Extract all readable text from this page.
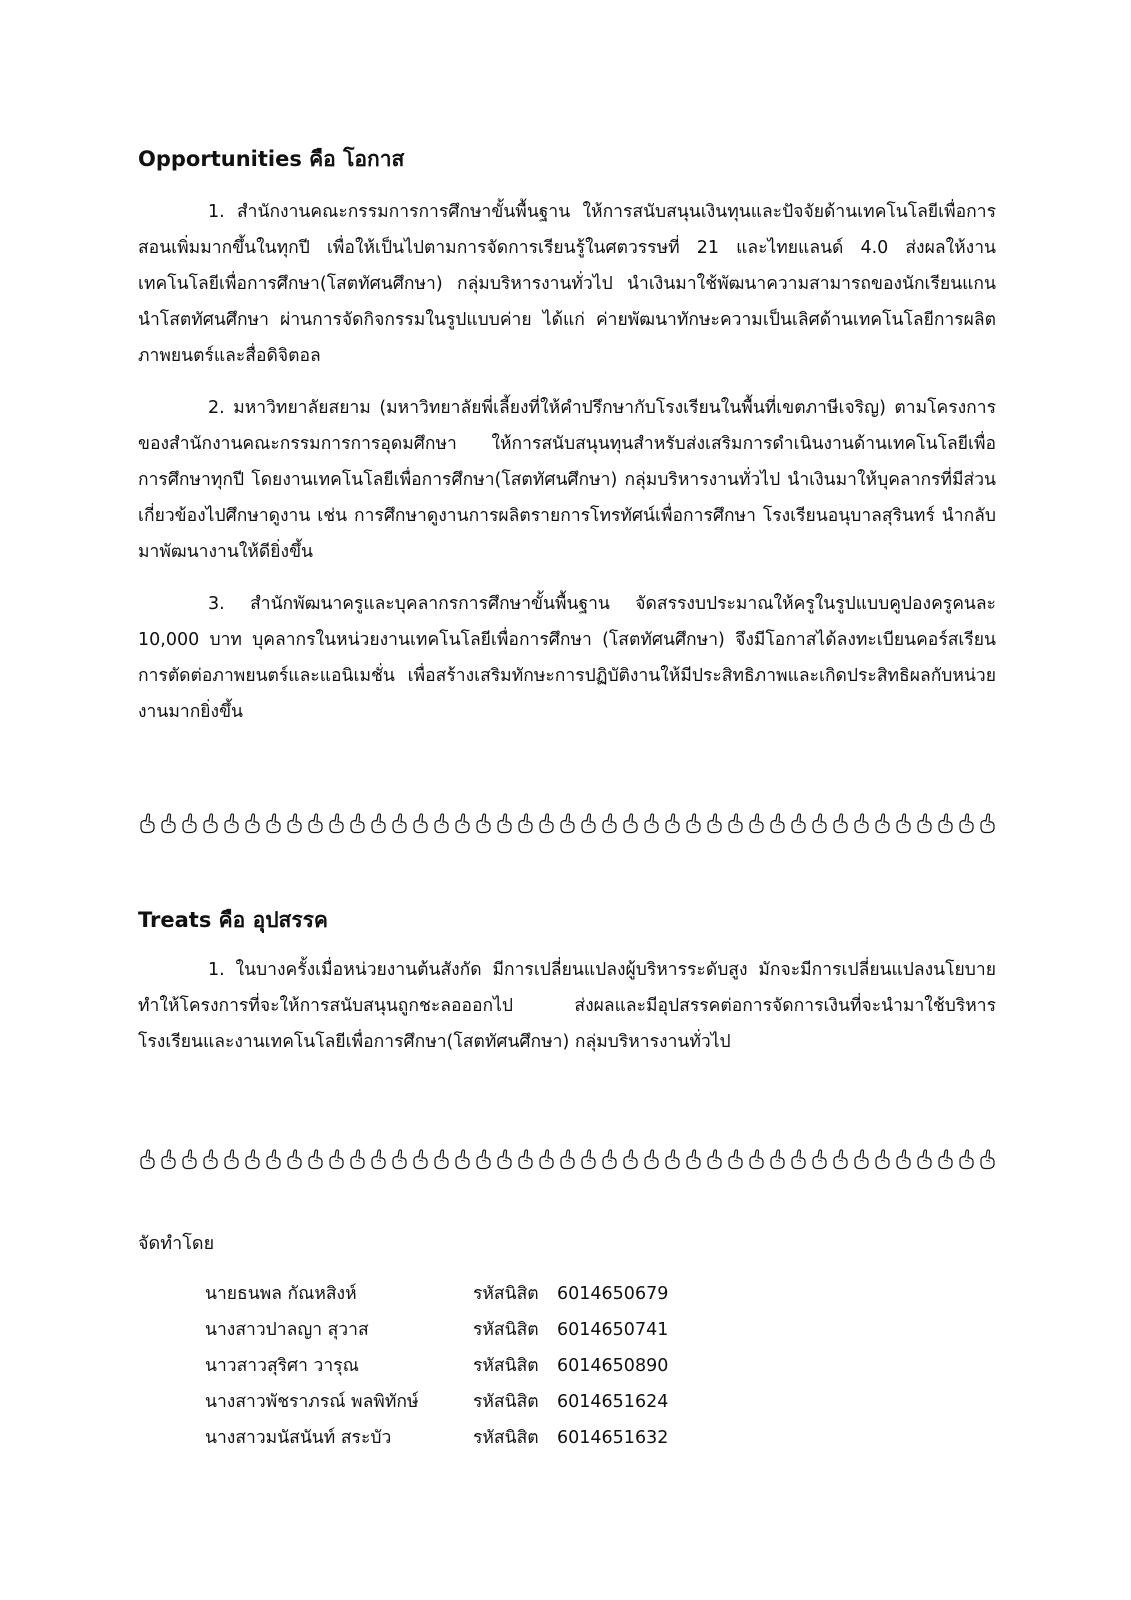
Opportunities คือ โอกาส

1. สำนักงานคณะกรรมการการศึกษาขั้นพื้นฐาน ให้การสนับสนุนเงินทุนและปัจจัยด้านเทคโนโลยีเพื่อการสอนเพิ่มมากขึ้นในทุกปี เพื่อให้เป็นไปตามการจัดการเรียนรู้ในศตวรรษที่ 21 และไทยแลนด์ 4.0 ส่งผลให้งานเทคโนโลยีเพื่อการศึกษา(โสตทัศนศึกษา) กลุ่มบริหารงานทั่วไป นำเงินมาใช้พัฒนาความสามารถของนักเรียนแกนนำโสตทัศนศึกษา ผ่านการจัดกิจกรรมในรูปแบบค่าย ได้แก่ ค่ายพัฒนาทักษะความเป็นเลิศด้านเทคโนโลยีการผลิตภาพยนตร์และสื่อดิจิตอล

2. มหาวิทยาลัยสยาม (มหาวิทยาลัยพี่เลี้ยงที่ให้คำปรึกษากับโรงเรียนในพื้นที่เขตภาษีเจริญ) ตามโครงการของสำนักงานคณะกรรมการการอุดมศึกษา ให้การสนับสนุนทุนสำหรับส่งเสริมการดำเนินงานด้านเทคโนโลยีเพื่อ การศึกษาทุกปี โดยงานเทคโนโลยีเพื่อการศึกษา(โสตทัศนศึกษา) กลุ่มบริหารงานทั่วไป นำเงินมาให้บุคลากรที่มีส่วนเกี่ยวข้องไปศึกษาดูงาน เช่น การศึกษาดูงานการผลิตรายการโทรทัศน์เพื่อการศึกษา โรงเรียนอนุบาลสุรินทร์ นำกลับมาพัฒนางานให้ดียิ่งขึ้น

3. สำนักพัฒนาครูและบุคลากรการศึกษาขั้นพื้นฐาน จัดสรรงบประมาณให้ครูในรูปแบบคูปองครูคนละ 10,000 บาท บุคลากรในหน่วยงานเทคโนโลยีเพื่อการศึกษา (โสตทัศนศึกษา) จึงมีโอกาสได้ลงทะเบียนคอร์สเรียนการตัดต่อภาพยนตร์และแอนิเมชั่น เพื่อสร้างเสริมทักษะการปฏิบัติงานให้มีประสิทธิภาพและเกิดประสิทธิผลกับหน่วยงานมากยิ่งขึ้น

Treats คือ อุปสรรค

1. ในบางครั้งเมื่อหน่วยงานต้นสังกัด มีการเปลี่ยนแปลงผู้บริหารระดับสูง มักจะมีการเปลี่ยนแปลงนโยบายทำให้โครงการที่จะให้การสนับสนุนถูกชะลอออกไป ส่งผลและมีอุปสรรคต่อการจัดการเงินที่จะนำมาใช้บริหารโรงเรียนและงานเทคโนโลยีเพื่อการศึกษา(โสตทัศนศึกษา) กลุ่มบริหารงานทั่วไป

จัดทำโดย
นายธนพล กัณหสิงห์	รหัสนิสิต	6014650679
นางสาวปาลญา สุวาส	รหัสนิสิต	6014650741
นาวสาวสุริศา วารุณ	รหัสนิสิต	6014650890
นางสาวพัชราภรณ์ พลพิทักษ์	รหัสนิสิต	6014651624
นางสาวมนัสนันท์ สระบัว	รหัสนิสิต	6014651632
